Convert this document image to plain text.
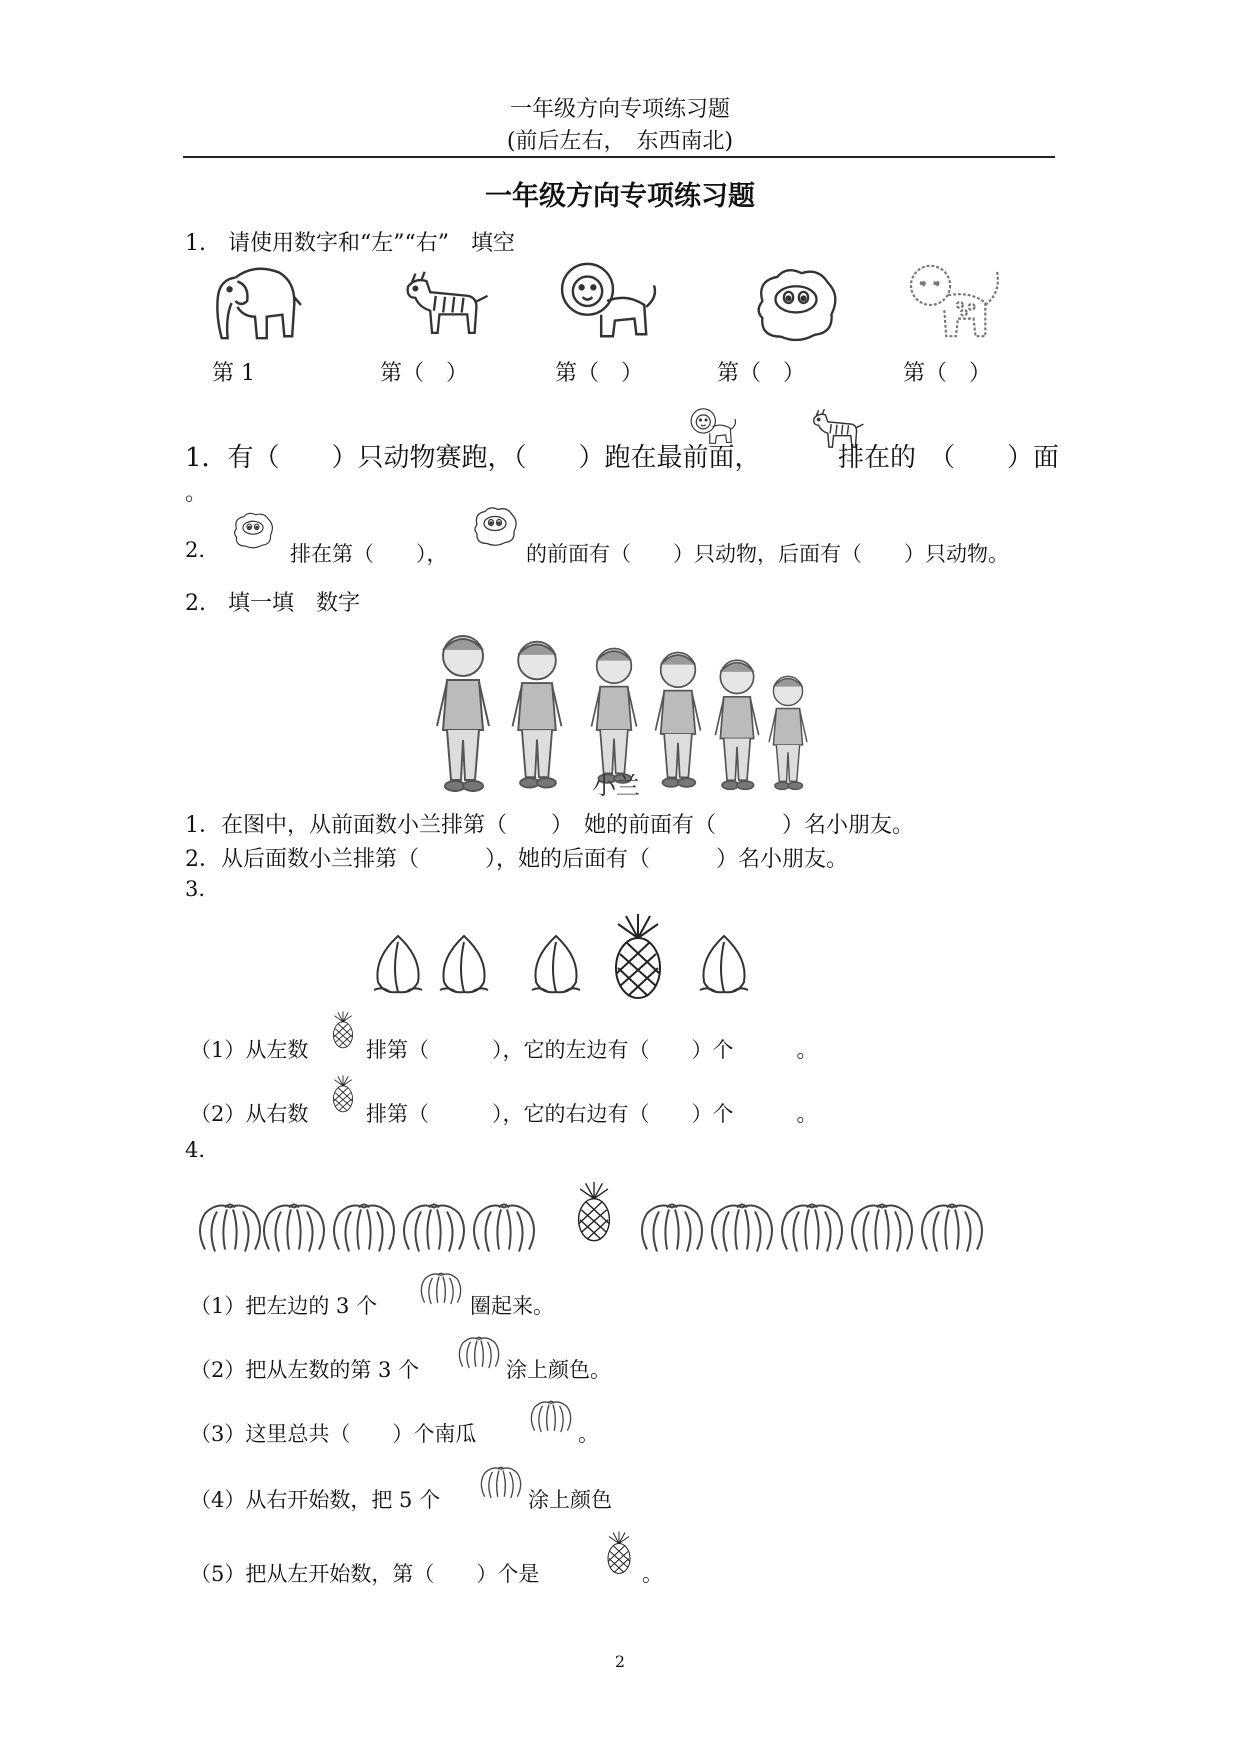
一年级方向专项练习题
(前后左右，　东西南北)
一年级方向专项练习题
1.　请使用数字和“左”“右”　填空
第 1	第（　）	第（　）	第（　）	第（　）
1．有（　　）只动物赛跑，（　　）跑在最前面，	排在的　（　　）面
。
2.	排在第（　　），	的前面有（　　）只动物，后面有（　　）只动物。
2.　填一填　数字
小兰
1．在图中，从前面数小兰排第（　　）　她的前面有（　　　）名小朋友。
2．从后面数小兰排第（　　　），她的后面有（　　　）名小朋友。
3.
（1）从左数	排第（　　　），它的左边有（　　）个　　　。
（2）从右数	排第（　　　），它的右边有（　　）个　　　。
4.
（1）把左边的 3 个	圈起来。
（2）把从左数的第 3 个	涂上颜色。
（3）这里总共（　　）个南瓜	。
（4）从右开始数，把 5 个	涂上颜色
（5）把从左开始数，第（　　）个是	。
2
